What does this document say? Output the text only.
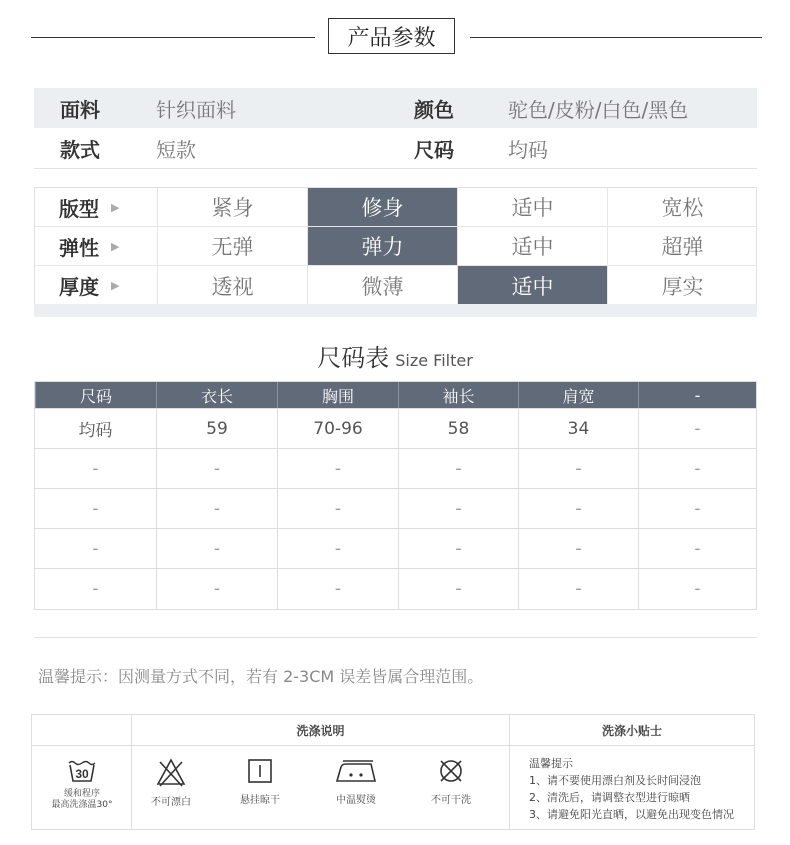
产品参数
面料	针织面料	颜色	驼色/皮粉/白色/黑色
款式	短款	尺码	均码
版型 ▶	紧身	修身	适中	宽松
弹性 ▶	无弹	弹力	适中	超弹
厚度 ▶	透视	微薄	适中	厚实
尺码表 Size Filter
尺码	衣长	胸围	袖长	肩宽	-
均码	59	70-96	58	34	-
-	-	-	-	-	-
-	-	-	-	-	-
-	-	-	-	-	-
-	-	-	-	-	-
温馨提示：因测量方式不同，若有 2-3CM 误差皆属合理范围。
洗涤说明	洗涤小贴士
30
缓和程序
最高洗涤温30°	不可漂白	悬挂晾干	中温熨烫	不可干洗
温馨提示
1、请不要使用漂白剂及长时间浸泡
2、清洗后，请调整衣型进行晾晒
3、请避免阳光直晒，以避免出现变色情况
